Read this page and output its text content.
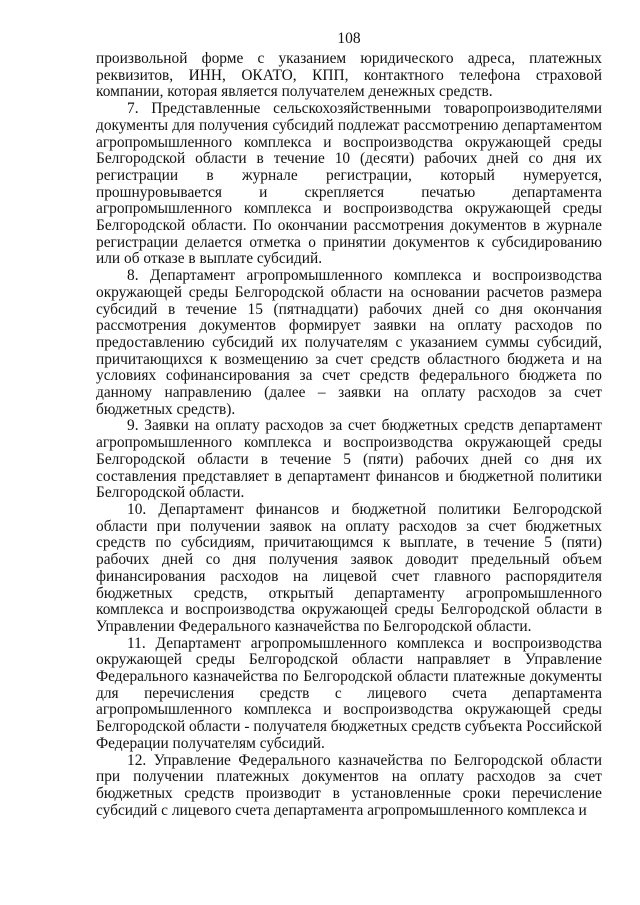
108

произвольной форме с указанием юридического адреса, платежных реквизитов, ИНН, ОКАТО, КПП, контактного телефона страховой компании, которая является получателем денежных средств.

7. Представленные сельскохозяйственными товаропроизводителями документы для получения субсидий подлежат рассмотрению департаментом агропромышленного комплекса и воспроизводства окружающей среды Белгородской области в течение 10 (десяти) рабочих дней со дня их регистрации в журнале регистрации, который нумеруется, прошнуровывается и скрепляется печатью департамента агропромышленного комплекса и воспроизводства окружающей среды Белгородской области. По окончании рассмотрения документов в журнале регистрации делается отметка о принятии документов к субсидированию или об отказе в выплате субсидий.

8. Департамент агропромышленного комплекса и воспроизводства окружающей среды Белгородской области на основании расчетов размера субсидий в течение 15 (пятнадцати) рабочих дней со дня окончания рассмотрения документов формирует заявки на оплату расходов по предоставлению субсидий их получателям с указанием суммы субсидий, причитающихся к возмещению за счет средств областного бюджета и на условиях софинансирования за счет средств федерального бюджета по данному направлению (далее – заявки на оплату расходов за счет бюджетных средств).

9. Заявки на оплату расходов за счет бюджетных средств департамент агропромышленного комплекса и воспроизводства окружающей среды Белгородской области в течение 5 (пяти) рабочих дней со дня их составления представляет в департамент финансов и бюджетной политики Белгородской области.

10. Департамент финансов и бюджетной политики Белгородской области при получении заявок на оплату расходов за счет бюджетных средств по субсидиям, причитающимся к выплате, в течение 5 (пяти) рабочих дней со дня получения заявок доводит предельный объем финансирования расходов на лицевой счет главного распорядителя бюджетных средств, открытый департаменту агропромышленного комплекса и воспроизводства окружающей среды Белгородской области в Управлении Федерального казначейства по Белгородской области.

11. Департамент агропромышленного комплекса и воспроизводства окружающей среды Белгородской области направляет в Управление Федерального казначейства по Белгородской области платежные документы для перечисления средств с лицевого счета департамента агропромышленного комплекса и воспроизводства окружающей среды Белгородской области - получателя бюджетных средств субъекта Российской Федерации получателям субсидий.

12. Управление Федерального казначейства по Белгородской области при получении платежных документов на оплату расходов за счет бюджетных средств производит в установленные сроки перечисление субсидий с лицевого счета департамента агропромышленного комплекса и
